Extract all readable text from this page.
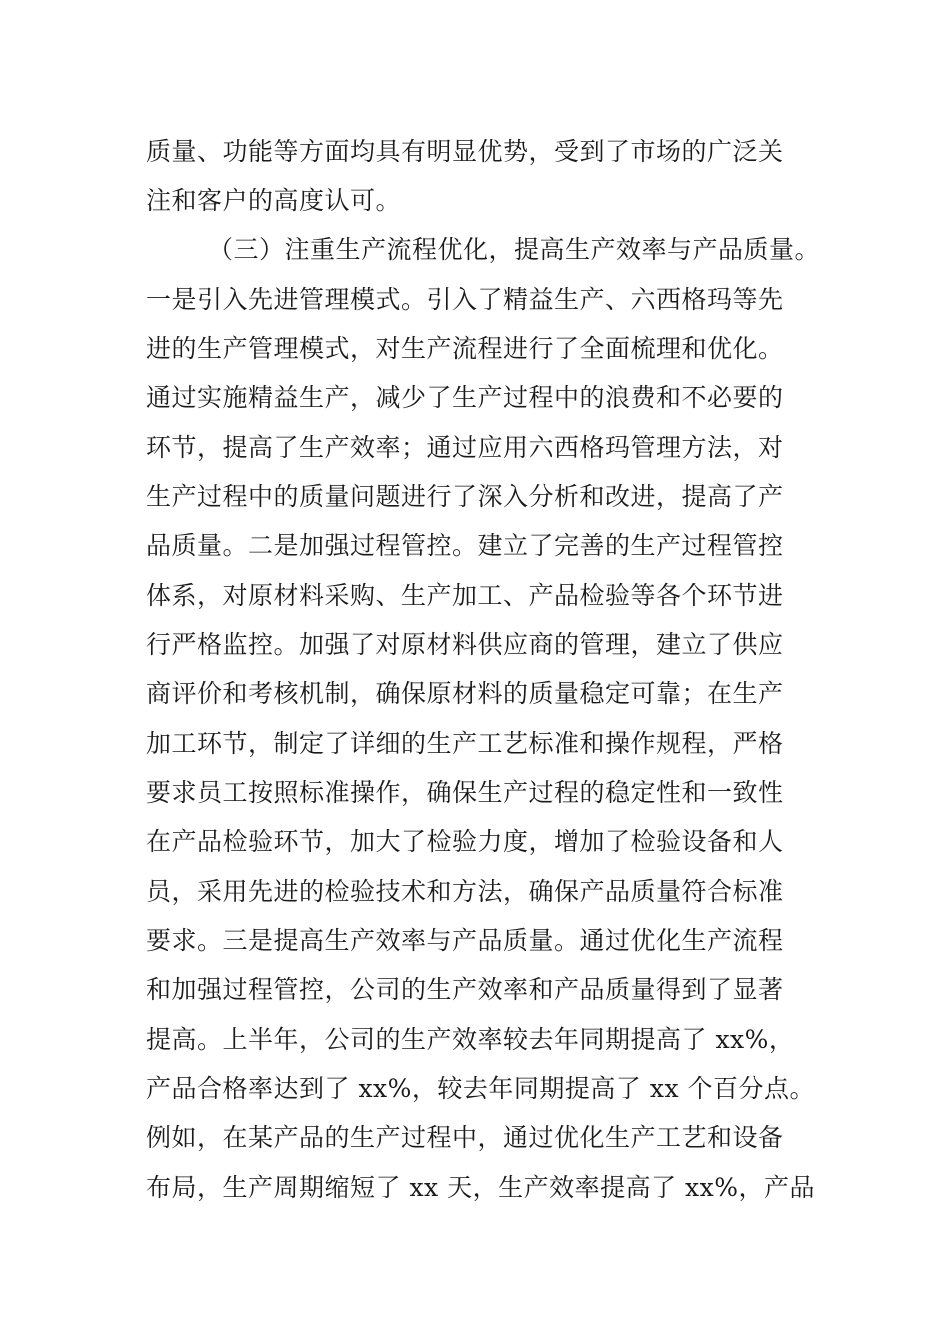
质量、功能等方面均具有明显优势，受到了市场的广泛关
注和客户的高度认可。
（三）注重生产流程优化，提高生产效率与产品质量。
一是引入先进管理模式。引入了精益生产、六西格玛等先
进的生产管理模式，对生产流程进行了全面梳理和优化。
通过实施精益生产，减少了生产过程中的浪费和不必要的
环节，提高了生产效率；通过应用六西格玛管理方法，对
生产过程中的质量问题进行了深入分析和改进，提高了产
品质量。二是加强过程管控。建立了完善的生产过程管控
体系，对原材料采购、生产加工、产品检验等各个环节进
行严格监控。加强了对原材料供应商的管理，建立了供应
商评价和考核机制，确保原材料的质量稳定可靠；在生产
加工环节，制定了详细的生产工艺标准和操作规程，严格
要求员工按照标准操作，确保生产过程的稳定性和一致性
在产品检验环节，加大了检验力度，增加了检验设备和人
员，采用先进的检验技术和方法，确保产品质量符合标准
要求。三是提高生产效率与产品质量。通过优化生产流程
和加强过程管控，公司的生产效率和产品质量得到了显著
提高。上半年，公司的生产效率较去年同期提高了 xx%，
产品合格率达到了 xx%，较去年同期提高了 xx 个百分点。
例如，在某产品的生产过程中，通过优化生产工艺和设备
布局，生产周期缩短了 xx 天，生产效率提高了 xx%，产品
